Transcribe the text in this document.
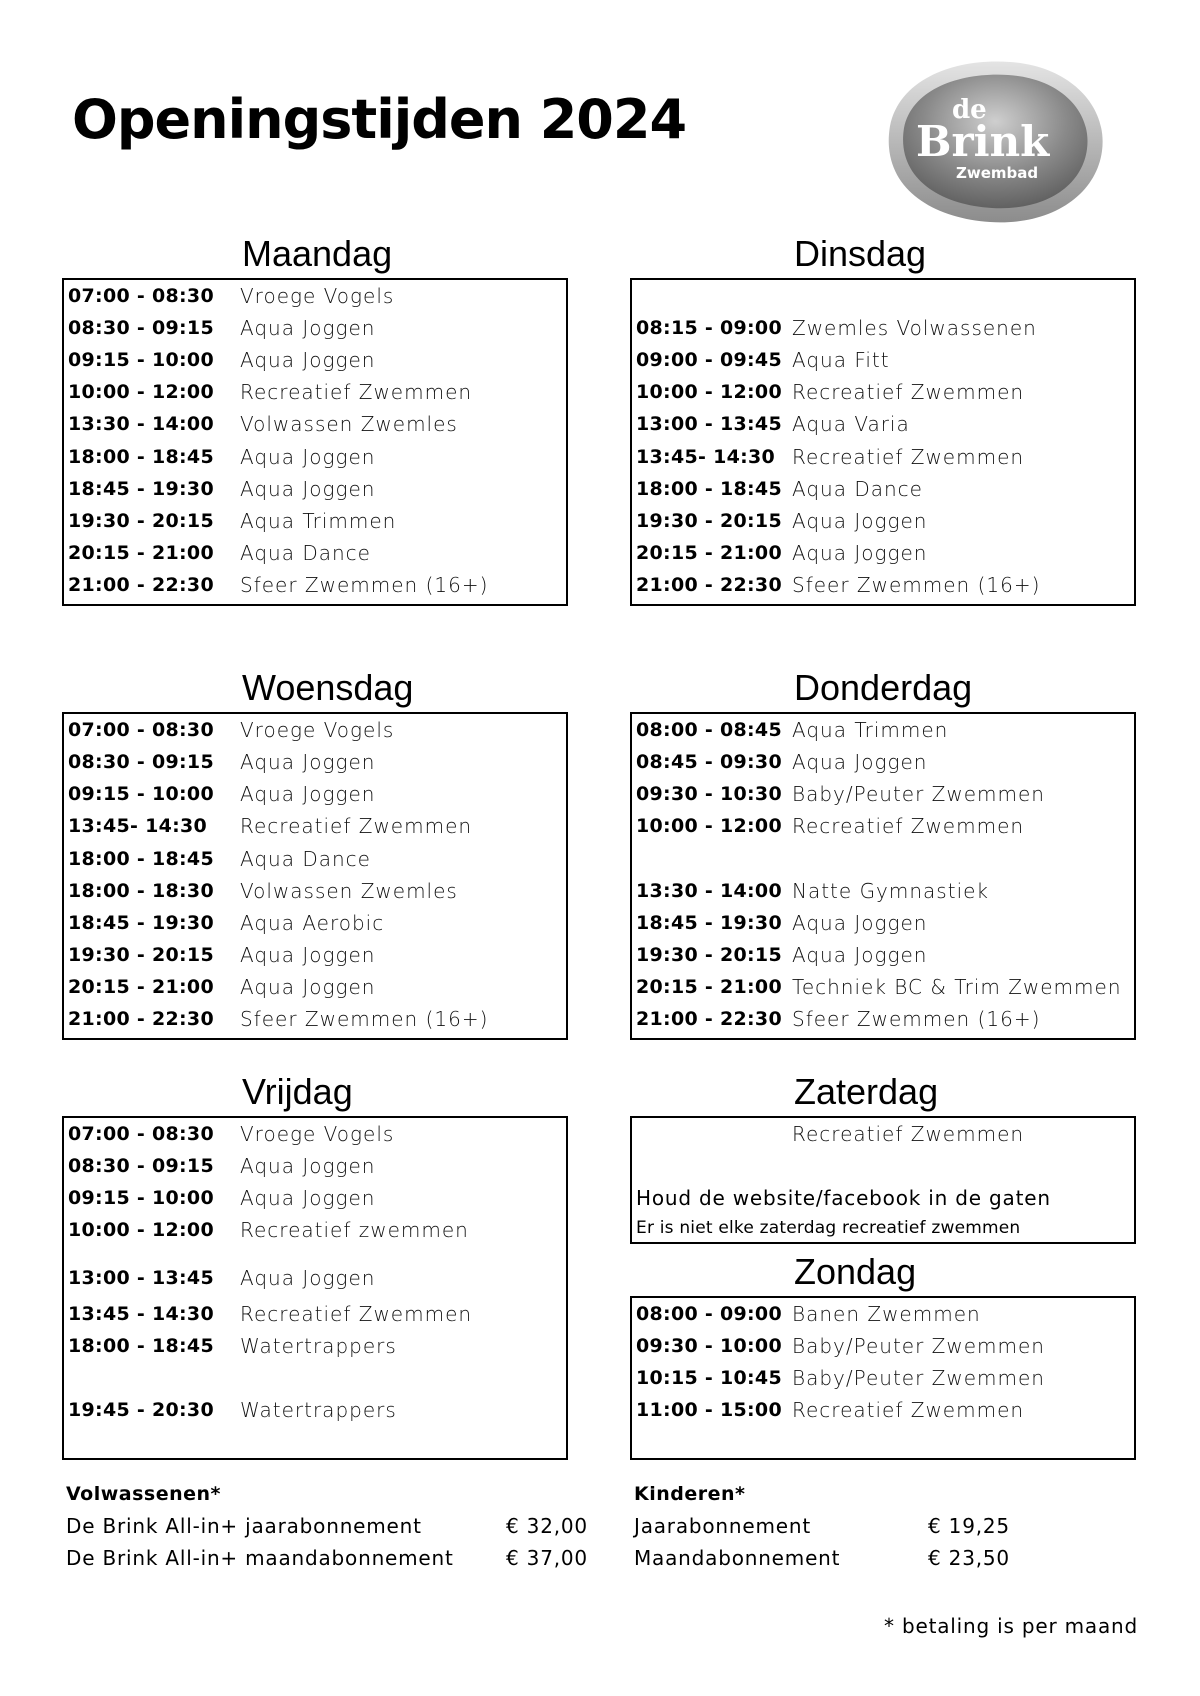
Openingstijden 2024	de
Brink
Zwembad
Maandag
07:00 - 08:30 Vroege Vogels
08:30 - 09:15 Aqua Joggen
09:15 - 10:00 Aqua Joggen
10:00 - 12:00 Recreatief Zwemmen
13:30 - 14:00 Volwassen Zwemles
18:00 - 18:45 Aqua Joggen
18:45 - 19:30 Aqua Joggen
19:30 - 20:15 Aqua Trimmen
20:15 - 21:00 Aqua Dance
21:00 - 22:30 Sfeer Zwemmen (16+)
Dinsdag
08:15 - 09:00 Zwemles Volwassenen
09:00 - 09:45 Aqua Fitt
10:00 - 12:00 Recreatief Zwemmen
13:00 - 13:45 Aqua Varia
13:45- 14:30 Recreatief Zwemmen
18:00 - 18:45 Aqua Dance
19:30 - 20:15 Aqua Joggen
20:15 - 21:00 Aqua Joggen
21:00 - 22:30 Sfeer Zwemmen (16+)
Woensdag
07:00 - 08:30 Vroege Vogels
08:30 - 09:15 Aqua Joggen
09:15 - 10:00 Aqua Joggen
13:45- 14:30 Recreatief Zwemmen
18:00 - 18:45 Aqua Dance
18:00 - 18:30 Volwassen Zwemles
18:45 - 19:30 Aqua Aerobic
19:30 - 20:15 Aqua Joggen
20:15 - 21:00 Aqua Joggen
21:00 - 22:30 Sfeer Zwemmen (16+)
Donderdag
08:00 - 08:45 Aqua Trimmen
08:45 - 09:30 Aqua Joggen
09:30 - 10:30 Baby/Peuter Zwemmen
10:00 - 12:00 Recreatief Zwemmen
13:30 - 14:00 Natte Gymnastiek
18:45 - 19:30 Aqua Joggen
19:30 - 20:15 Aqua Joggen
20:15 - 21:00 Techniek BC & Trim Zwemmen
21:00 - 22:30 Sfeer Zwemmen (16+)
Vrijdag
07:00 - 08:30 Vroege Vogels
08:30 - 09:15 Aqua Joggen
09:15 - 10:00 Aqua Joggen
10:00 - 12:00 Recreatief zwemmen
13:00 - 13:45 Aqua Joggen
13:45 - 14:30 Recreatief Zwemmen
18:00 - 18:45 Watertrappers
19:45 - 20:30 Watertrappers
Zaterdag
Recreatief Zwemmen
Houd de website/facebook in de gaten
Er is niet elke zaterdag recreatief zwemmen
Zondag
08:00 - 09:00 Banen Zwemmen
09:30 - 10:00 Baby/Peuter Zwemmen
10:15 - 10:45 Baby/Peuter Zwemmen
11:00 - 15:00 Recreatief Zwemmen
Volwassenen*
De Brink All-in+ jaarabonnement	€ 32,00
De Brink All-in+ maandabonnement	€ 37,00
Kinderen*
Jaarabonnement	€ 19,25
Maandabonnement	€ 23,50
* betaling is per maand
